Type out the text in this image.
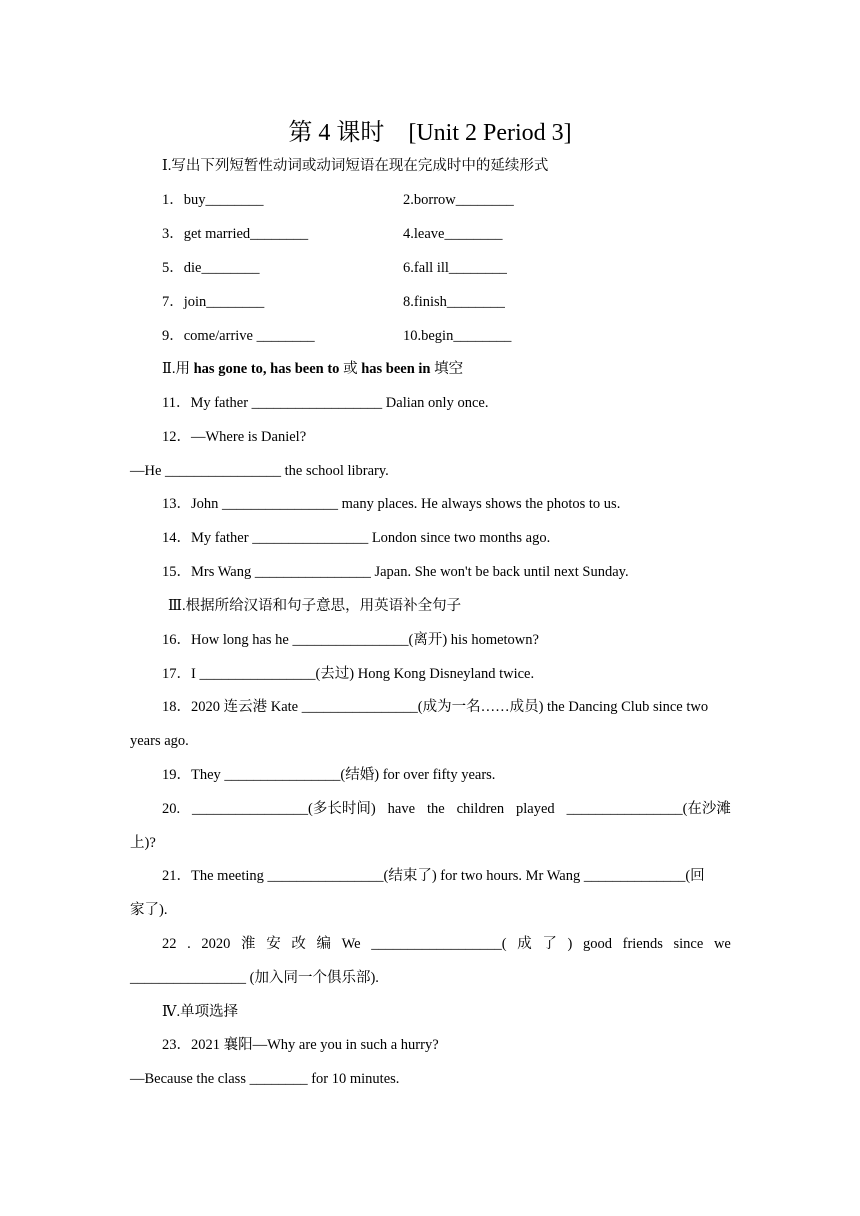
第 4 课时　[Unit 2 Period 3]
Ⅰ.写出下列短暂性动词或动词短语在现在完成时中的延续形式
1．buy________	2.borrow________
3．get married________	4.leave________
5．die________	6.fall ill________
7．join________	8.finish________
9．come/arrive ________	10.begin________
Ⅱ.用 has gone to, has been to 或 has been in 填空
11．My father __________________ Dalian only once.
12．—Where is Daniel?
—He ________________ the school library.
13．John ________________ many places. He always shows the photos to us.
14．My father ________________ London since two months ago.
15．Mrs Wang ________________ Japan. She won't be back until next Sunday.
Ⅲ.根据所给汉语和句子意思，用英语补全句子
16．How long has he ________________(离开) his hometown?
17．I ________________(去过) Hong Kong Disneyland twice.
18．2020 连云港 Kate ________________(成为一名……成员) the Dancing Club since two
years ago.
19．They ________________(结婚) for over fifty years.
20. ________________(多长时间) have the children played ________________(在沙滩
上)?
21．The meeting ________________(结束了) for two hours. Mr Wang ______________(回
家了).
22 . 2020 淮 安 改 编 We __________________( 成 了 ) good friends since we
________________ (加入同一个俱乐部).
Ⅳ.单项选择
23．2021 襄阳—Why are you in such a hurry?
—Because the class ________ for 10 minutes.
